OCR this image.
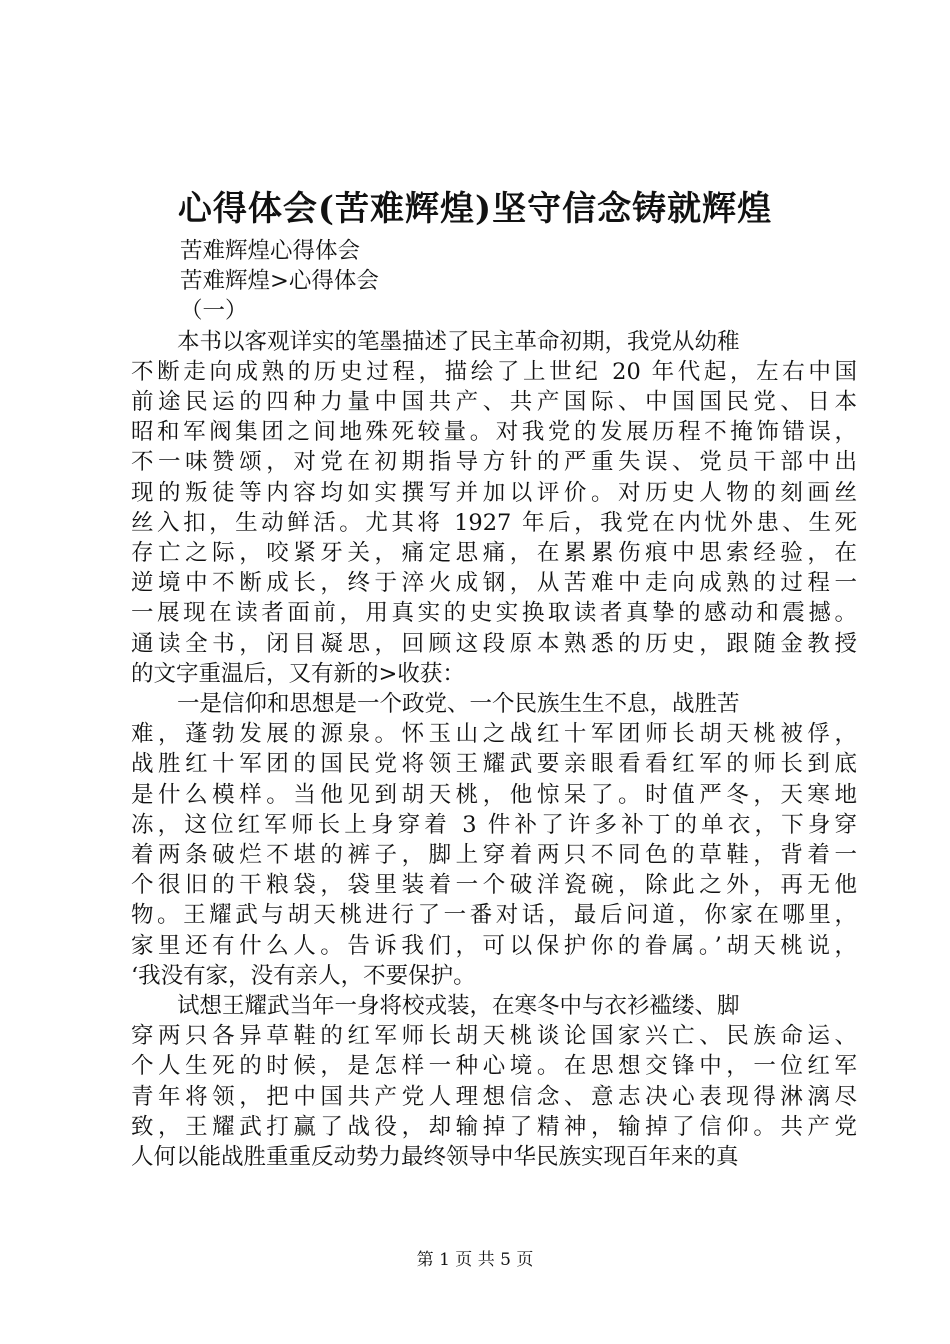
心得体会(苦难辉煌)坚守信念铸就辉煌
苦难辉煌心得体会
苦难辉煌>心得体会
（一）
本书以客观详实的笔墨描述了民主革命初期，我党从幼稚
不断走向成熟的历史过程，描绘了上世纪 20 年代起，左右中国
前途民运的四种力量中国共产、共产国际、中国国民党、日本
昭和军阀集团之间地殊死较量。对我党的发展历程不掩饰错误，
不一味赞颂，对党在初期指导方针的严重失误、党员干部中出
现的叛徒等内容均如实撰写并加以评价。对历史人物的刻画丝
丝入扣，生动鲜活。尤其将 1927 年后，我党在内忧外患、生死
存亡之际，咬紧牙关，痛定思痛，在累累伤痕中思索经验，在
逆境中不断成长，终于淬火成钢，从苦难中走向成熟的过程一
一展现在读者面前，用真实的史实换取读者真挚的感动和震撼。
通读全书，闭目凝思，回顾这段原本熟悉的历史，跟随金教授
的文字重温后，又有新的>收获：
一是信仰和思想是一个政党、一个民族生生不息，战胜苦
难，蓬勃发展的源泉。怀玉山之战红十军团师长胡天桃被俘，
战胜红十军团的国民党将领王耀武要亲眼看看红军的师长到底
是什么模样。当他见到胡天桃，他惊呆了。时值严冬，天寒地
冻，这位红军师长上身穿着 3 件补了许多补丁的单衣，下身穿
着两条破烂不堪的裤子，脚上穿着两只不同色的草鞋，背着一
个很旧的干粮袋，袋里装着一个破洋瓷碗，除此之外，再无他
物。王耀武与胡天桃进行了一番对话，最后问道，你家在哪里，
家里还有什么人。告诉我们，可以保护你的眷属。’胡天桃说，
‘我没有家，没有亲人，不要保护。
试想王耀武当年一身将校戎装，在寒冬中与衣衫褴缕、脚
穿两只各异草鞋的红军师长胡天桃谈论国家兴亡、民族命运、
个人生死的时候，是怎样一种心境。在思想交锋中，一位红军
青年将领，把中国共产党人理想信念、意志决心表现得淋漓尽
致，王耀武打赢了战役，却输掉了精神，输掉了信仰。共产党
人何以能战胜重重反动势力最终领导中华民族实现百年来的真
第 1 页 共 5 页
